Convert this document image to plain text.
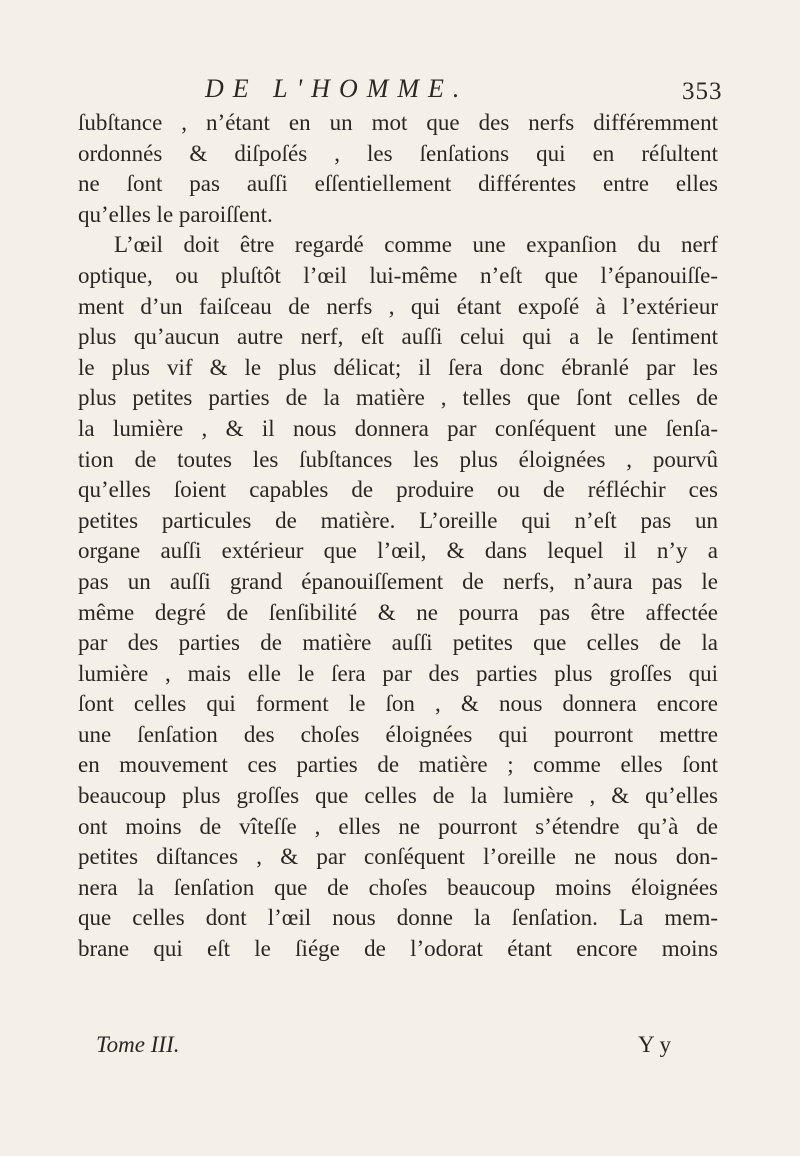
DE L'HOMME.	353
ſubſtance , n’étant en un mot que des nerfs différemment
ordonnés & diſpoſés , les ſenſations qui en réſultent
ne ſont pas auſſi eſſentiellement différentes entre elles
qu’elles le paroiſſent.
L’œil doit être regardé comme une expanſion du nerf
optique, ou pluſtôt l’œil lui-même n’eſt que l’épanouiſſe-
ment d’un faiſceau de nerfs , qui étant expoſé à l’extérieur
plus qu’aucun autre nerf, eſt auſſi celui qui a le ſentiment
le plus vif & le plus délicat; il ſera donc ébranlé par les
plus petites parties de la matière , telles que ſont celles de
la lumière , & il nous donnera par conſéquent une ſenſa-
tion de toutes les ſubſtances les plus éloignées , pourvû
qu’elles ſoient capables de produire ou de réfléchir ces
petites particules de matière. L’oreille qui n’eſt pas un
organe auſſi extérieur que l’œil, & dans lequel il n’y a
pas un auſſi grand épanouiſſement de nerfs, n’aura pas le
même degré de ſenſibilité & ne pourra pas être affectée
par des parties de matière auſſi petites que celles de la
lumière , mais elle le ſera par des parties plus groſſes qui
ſont celles qui forment le ſon , & nous donnera encore
une ſenſation des choſes éloignées qui pourront mettre
en mouvement ces parties de matière ; comme elles ſont
beaucoup plus groſſes que celles de la lumière , & qu’elles
ont moins de vîteſſe , elles ne pourront s’étendre qu’à de
petites diſtances , & par conſéquent l’oreille ne nous don-
nera la ſenſation que de choſes beaucoup moins éloignées
que celles dont l’œil nous donne la ſenſation. La mem-
brane qui eſt le ſiége de l’odorat étant encore moins
Tome III.	Y y
